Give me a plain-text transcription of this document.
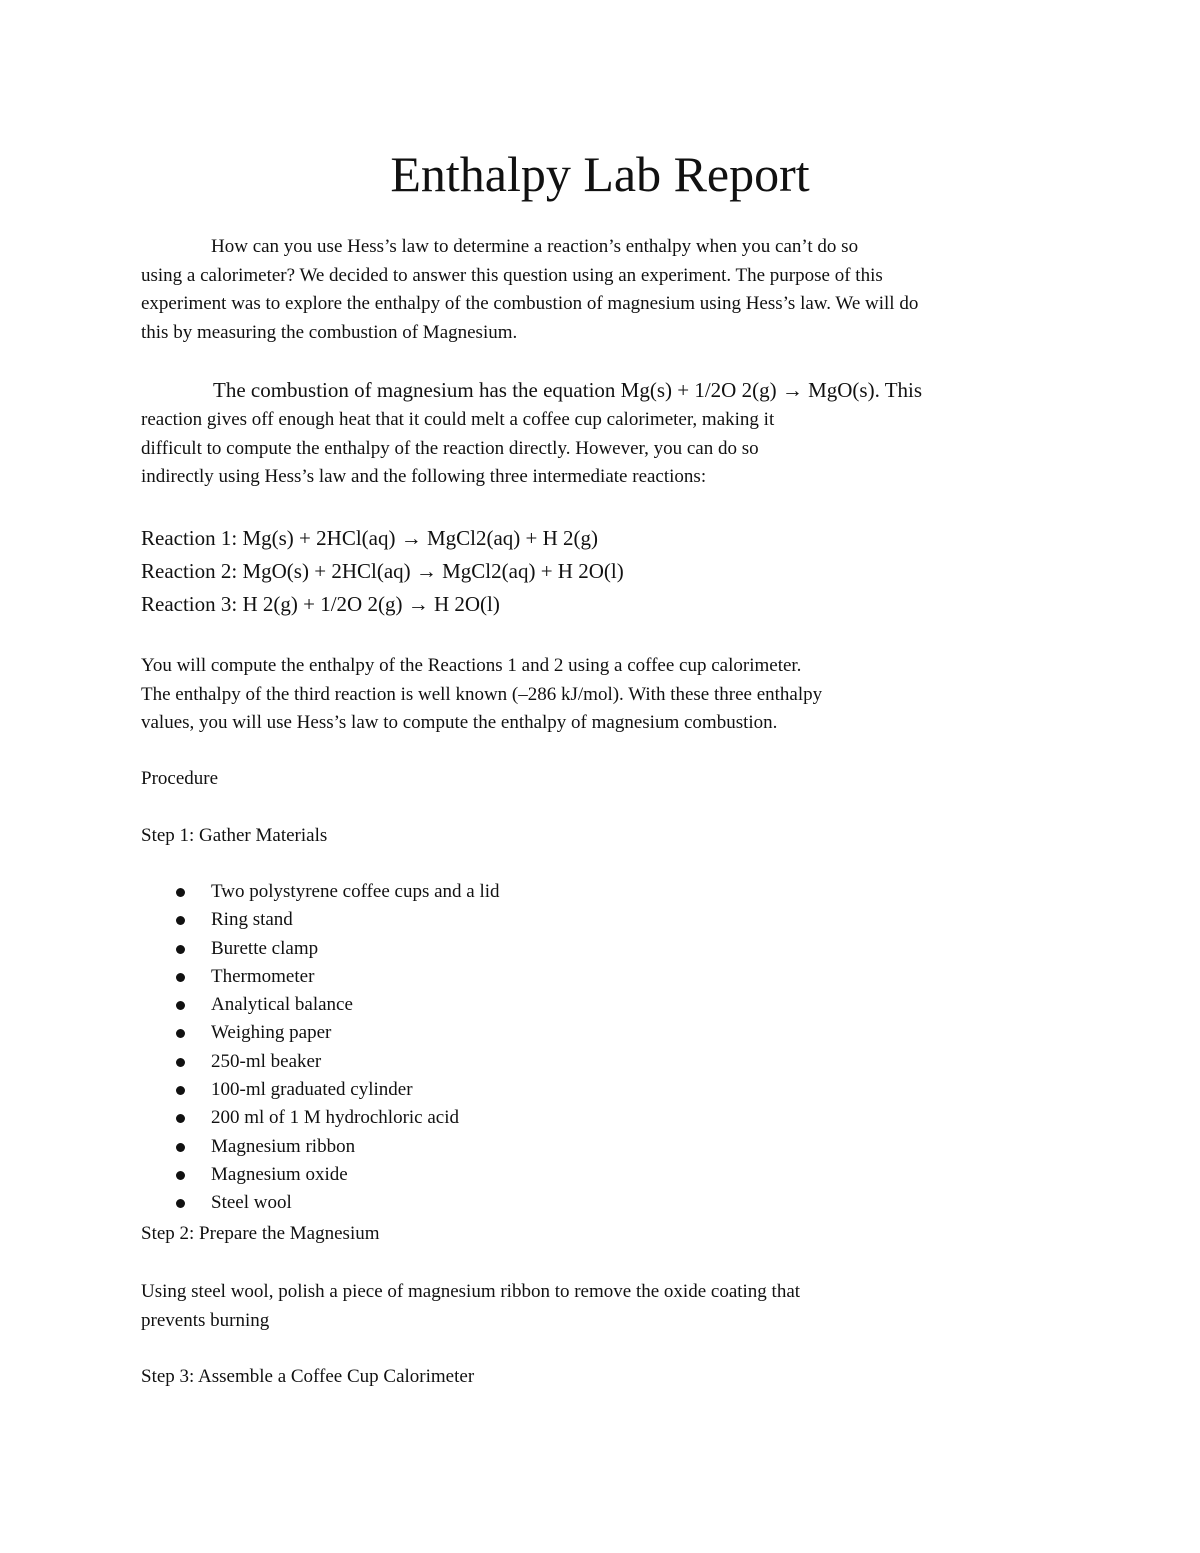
Enthalpy Lab Report
How can you use Hess’s law to determine a reaction’s enthalpy when you can’t do so
using a calorimeter? We decided to answer this question using an experiment. The purpose of this
experiment was to explore the enthalpy of the combustion of magnesium using Hess’s law. We will do
this by measuring the combustion of Magnesium.
The combustion of magnesium has the equation Mg(s) + 1/2O 2(g) → MgO(s). This
reaction gives off enough heat that it could melt a coffee cup calorimeter, making it
difficult to compute the enthalpy of the reaction directly. However, you can do so
indirectly using Hess’s law and the following three intermediate reactions:
Reaction 1: Mg(s) + 2HCl(aq) → MgCl2(aq) + H 2(g)
Reaction 2: MgO(s) + 2HCl(aq) → MgCl2(aq) + H 2O(l)
Reaction 3: H 2(g) + 1/2O 2(g) → H 2O(l)
You will compute the enthalpy of the Reactions 1 and 2 using a coffee cup calorimeter.
The enthalpy of the third reaction is well known (–286 kJ/mol). With these three enthalpy
values, you will use Hess’s law to compute the enthalpy of magnesium combustion.
Procedure
Step 1: Gather Materials
Two polystyrene coffee cups and a lid
Ring stand
Burette clamp
Thermometer
Analytical balance
Weighing paper
250-ml beaker
100-ml graduated cylinder
200 ml of 1 M hydrochloric acid
Magnesium ribbon
Magnesium oxide
Steel wool
Step 2: Prepare the Magnesium
Using steel wool, polish a piece of magnesium ribbon to remove the oxide coating that
prevents burning
Step 3: Assemble a Coffee Cup Calorimeter
